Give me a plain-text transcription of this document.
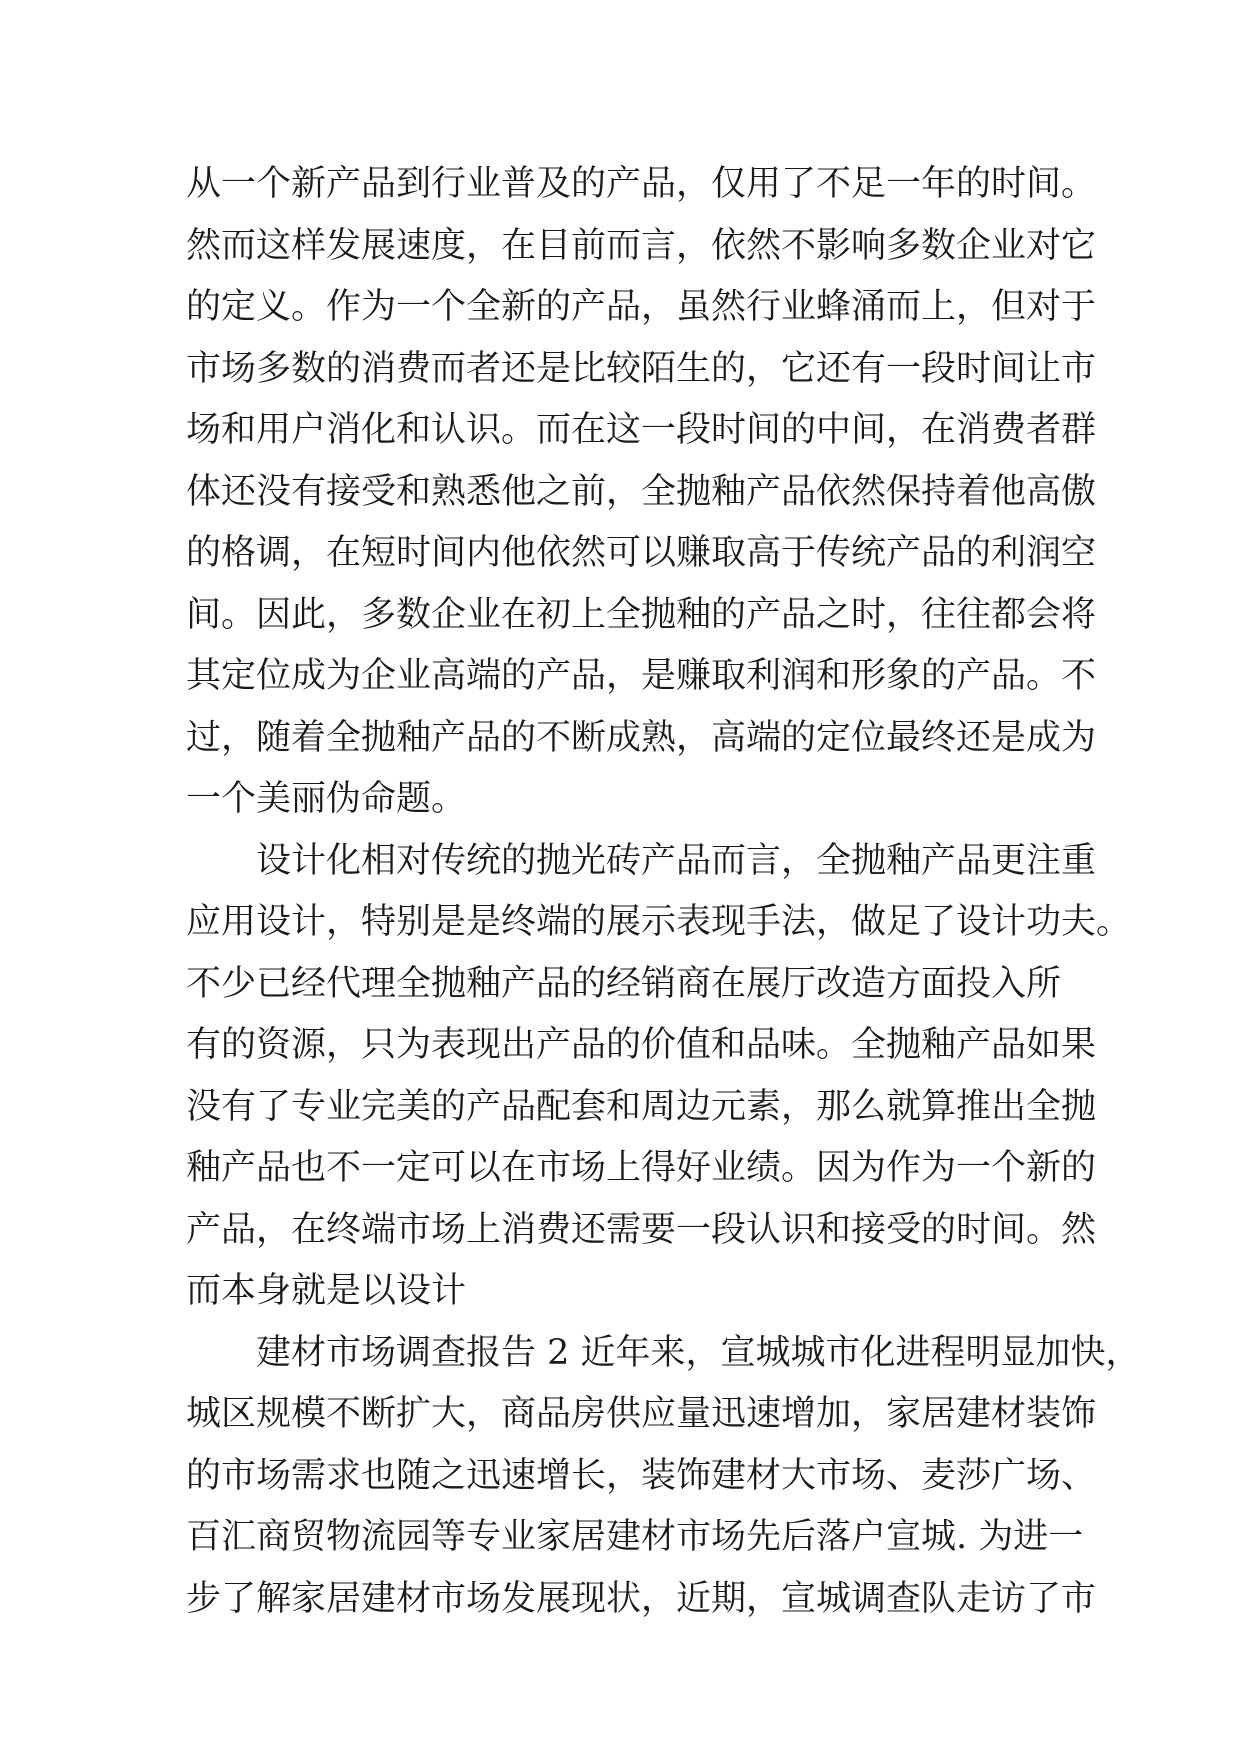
从一个新产品到行业普及的产品，仅用了不足一年的时间。
然而这样发展速度，在目前而言，依然不影响多数企业对它
的定义。作为一个全新的产品，虽然行业蜂涌而上，但对于
市场多数的消费而者还是比较陌生的，它还有一段时间让市
场和用户消化和认识。而在这一段时间的中间，在消费者群
体还没有接受和熟悉他之前，全抛釉产品依然保持着他高傲
的格调，在短时间内他依然可以赚取高于传统产品的利润空
间。因此，多数企业在初上全抛釉的产品之时，往往都会将
其定位成为企业高端的产品，是赚取利润和形象的产品。不
过，随着全抛釉产品的不断成熟，高端的定位最终还是成为
一个美丽伪命题。
设计化相对传统的抛光砖产品而言，全抛釉产品更注重
应用设计，特别是是终端的展示表现手法，做足了设计功夫。
不少已经代理全抛釉产品的经销商在展厅改造方面投入所
有的资源，只为表现出产品的价值和品味。全抛釉产品如果
没有了专业完美的产品配套和周边元素，那么就算推出全抛
釉产品也不一定可以在市场上得好业绩。因为作为一个新的
产品，在终端市场上消费还需要一段认识和接受的时间。然
而本身就是以设计
建材市场调查报告 2 近年来，宣城城市化进程明显加快，
城区规模不断扩大，商品房供应量迅速增加，家居建材装饰
的市场需求也随之迅速增长，装饰建材大市场、麦莎广场、
百汇商贸物流园等专业家居建材市场先后落户宣城. 为进一
步了解家居建材市场发展现状，近期，宣城调查队走访了市
